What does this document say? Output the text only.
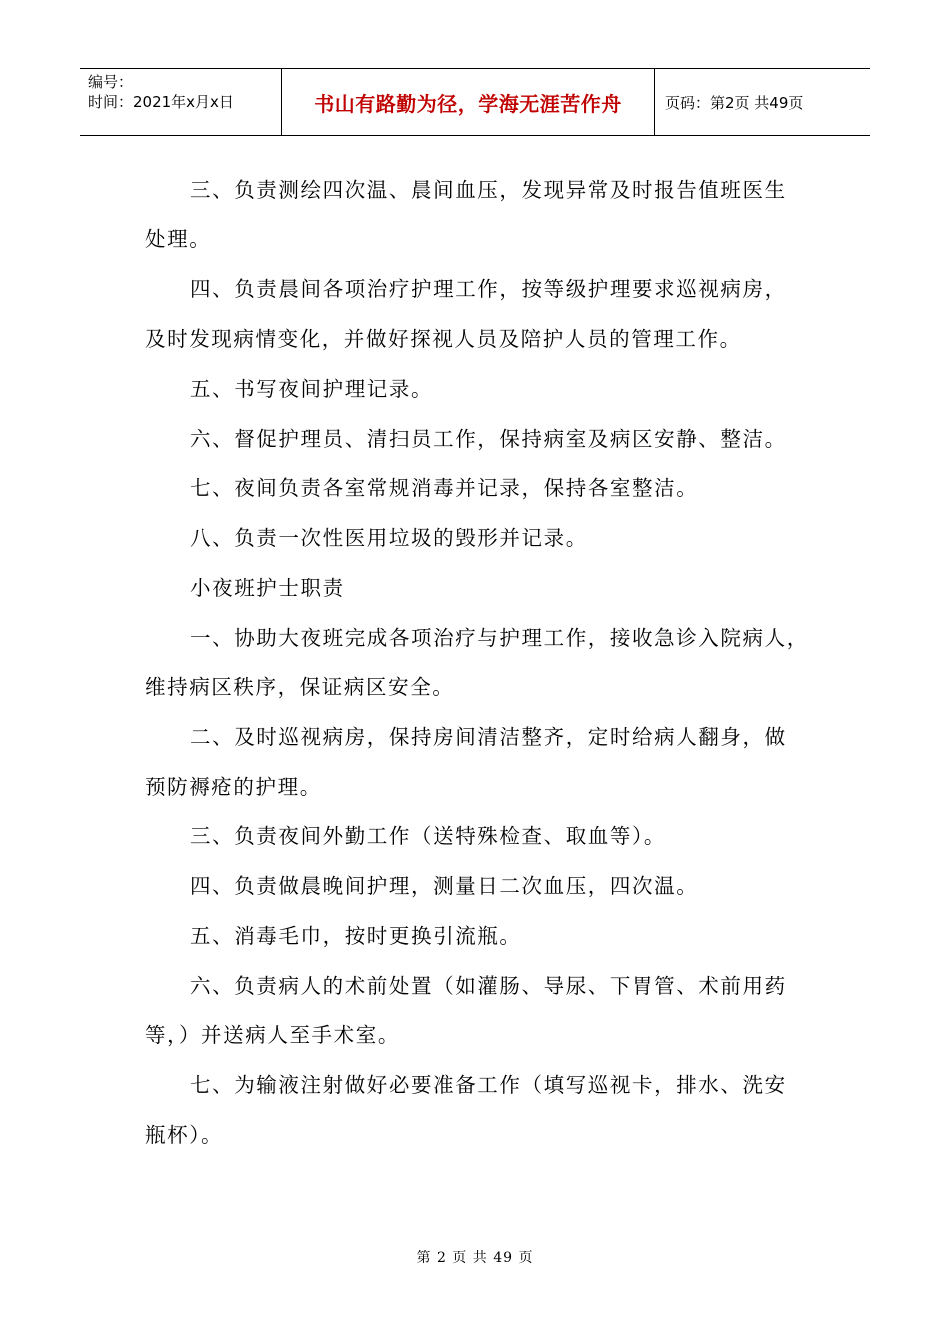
编号：
时间：2021年x月x日	书山有路勤为径，学海无涯苦作舟	页码：第2页 共49页
三、负责测绘四次温、晨间血压，发现异常及时报告值班医生
处理。
四、负责晨间各项治疗护理工作，按等级护理要求巡视病房，
及时发现病情变化，并做好探视人员及陪护人员的管理工作。
五、书写夜间护理记录。
六、督促护理员、清扫员工作，保持病室及病区安静、整洁。
七、夜间负责各室常规消毒并记录，保持各室整洁。
八、负责一次性医用垃圾的毁形并记录。
小夜班护士职责
一、协助大夜班完成各项治疗与护理工作，接收急诊入院病人，
维持病区秩序，保证病区安全。
二、及时巡视病房，保持房间清洁整齐，定时给病人翻身，做
预防褥疮的护理。
三、负责夜间外勤工作（送特殊检查、取血等）。
四、负责做晨晚间护理，测量日二次血压，四次温。
五、消毒毛巾，按时更换引流瓶。
六、负责病人的术前处置（如灌肠、导尿、下胃管、术前用药
等，）并送病人至手术室。
七、为输液注射做好必要准备工作（填写巡视卡，排水、洗安
瓶杯）。
第 2 页 共 49 页
